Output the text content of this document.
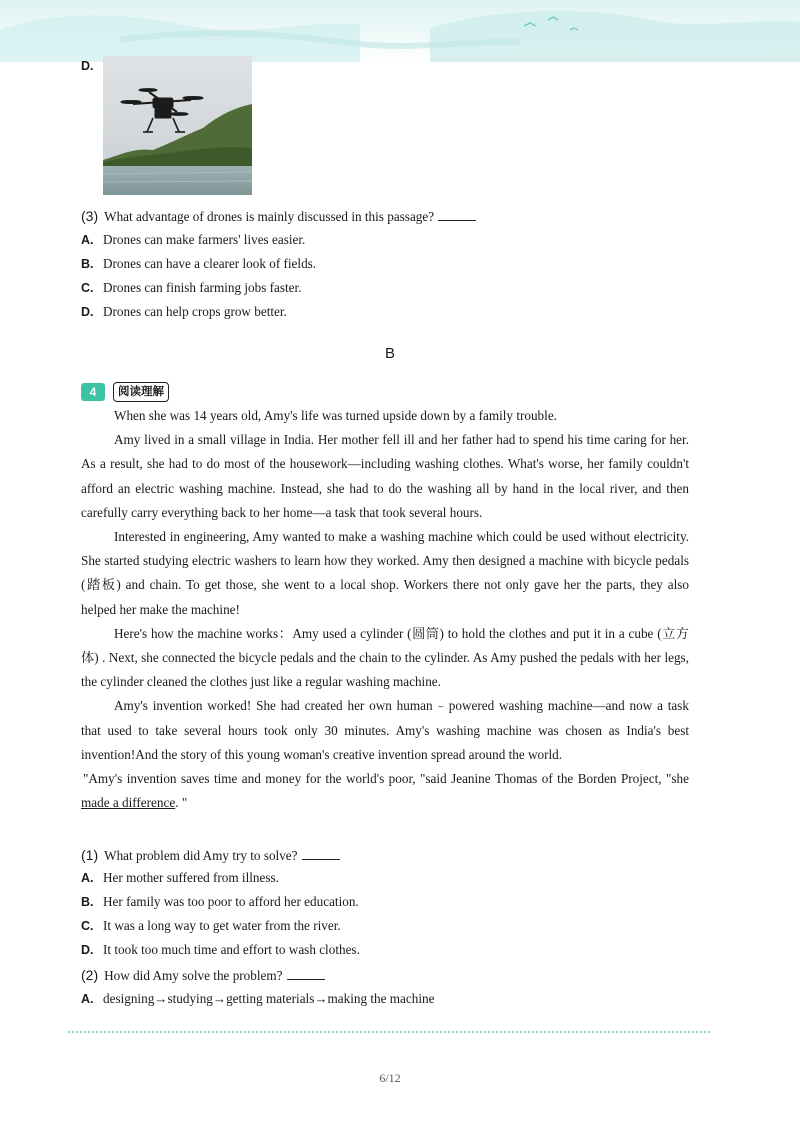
D.
(3) What advantage of drones is mainly discussed in this passage?
A. Drones can make farmers' lives easier.
B. Drones can have a clearer look of fields.
C. Drones can finish farming jobs faster.
D. Drones can help crops grow better.
B
4	阅读理解

When she was 14 years old, Amy's life was turned upside down by a family trouble.

Amy lived in a small village in India. Her mother fell ill and her father had to spend his time caring for her. As a result, she had to do most of the housework—including washing clothes. What's worse, her family couldn't afford an electric washing machine. Instead, she had to do the washing all by hand in the local river, and then carefully carry everything back to her home—a task that took several hours.

Interested in engineering, Amy wanted to make a washing machine which could be used without electricity. She started studying electric washers to learn how they worked. Amy then designed a machine with bicycle pedals (踏板) and chain. To get those, she went to a local shop. Workers there not only gave her the parts, they also helped her make the machine!

Here's how the machine works：Amy used a cylinder (圆筒) to hold the clothes and put it in a cube (立方体) . Next, she connected the bicycle pedals and the chain to the cylinder. As Amy pushed the pedals with her legs, the cylinder cleaned the clothes just like a regular washing machine.

Amy's invention worked! She had created her own human﹣powered washing machine—and now a task that used to take several hours took only 30 minutes. Amy's washing machine was chosen as India's best invention!And the story of this young woman's creative invention spread around the world.

"Amy's invention saves time and money for the world's poor, "said Jeanine Thomas of the Borden Project, "she made a difference. "

(1) What problem did Amy try to solve?
A. Her mother suffered from illness.
B. Her family was too poor to afford her education.
C. It was a long way to get water from the river.
D. It took too much time and effort to wash clothes.
(2) How did Amy solve the problem?
A. designing→studying→getting materials→making the machine
6/12
